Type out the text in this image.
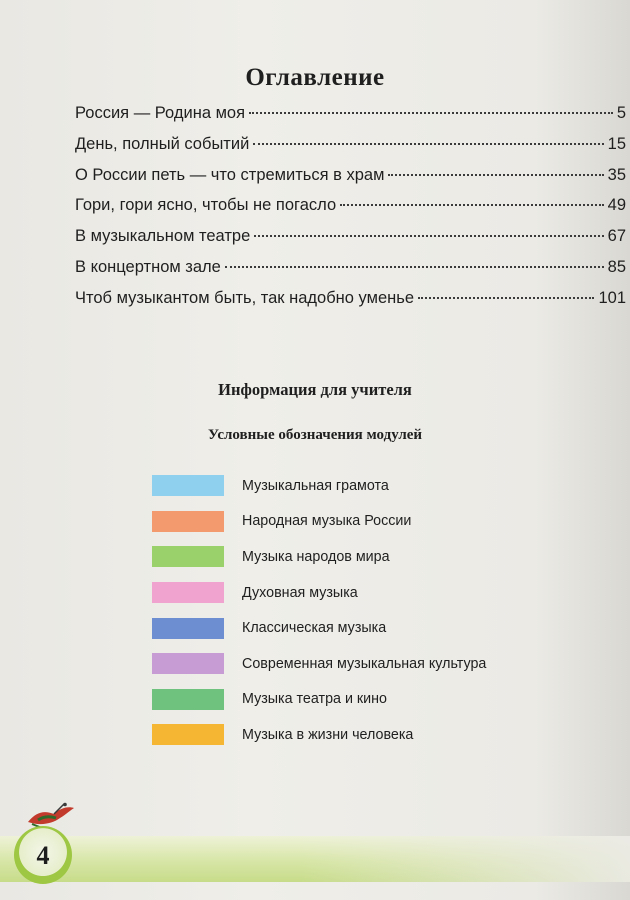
Оглавление
Россия — Родина моя	5
День, полный событий	15
О России петь — что стремиться в храм	35
Гори, гори ясно, чтобы не погасло	49
В музыкальном театре	67
В концертном зале	85
Чтоб музыкантом быть, так надобно уменье	101
Информация для учителя
Условные обозначения модулей
Музыкальная грамота
Народная музыка России
Музыка народов мира
Духовная музыка
Классическая музыка
Современная музыкальная культура
Музыка театра и кино
Музыка в жизни человека
4
